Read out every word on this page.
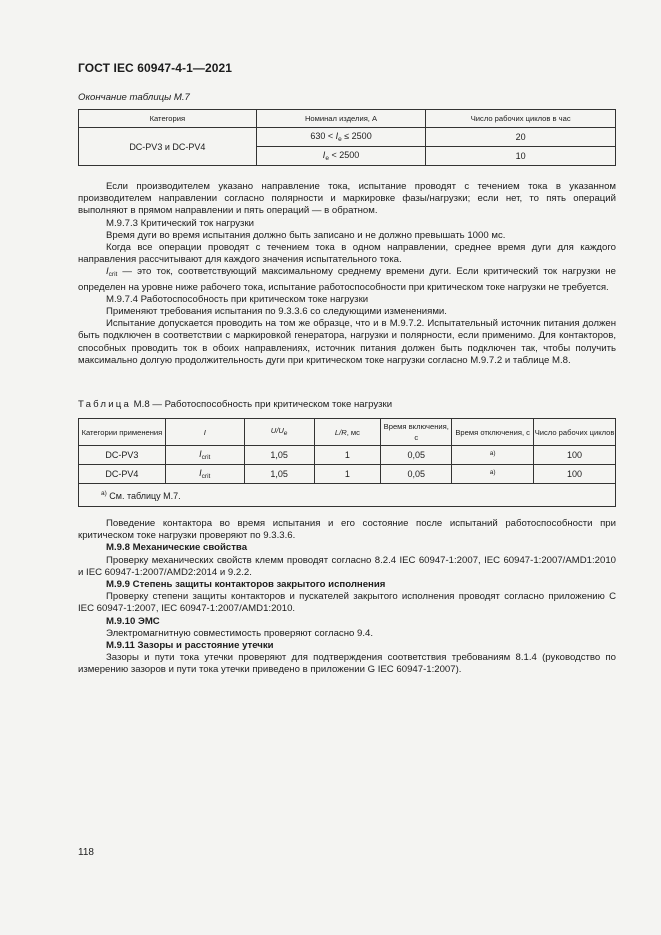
ГОСТ IEC 60947-4-1—2021
Окончание таблицы М.7
Категория	Номинал изделия, А	Число рабочих циклов в час
DC-PV3 и DC-PV4	$630 < I_e \le 2500$	20
	$I_e < 2500$	10

Если производителем указано направление тока, испытание проводят с течением тока в указанном производителем направлении согласно полярности и маркировке фазы/нагрузки; если нет, то пять операций выполняют в прямом направлении и пять операций — в обратном.

М.9.7.3 Критический ток нагрузки

Время дуги во время испытания должно быть записано и не должно превышать 1000 мс.

Когда все операции проводят с течением тока в одном направлении, среднее время дуги для каждого направления рассчитывают для каждого значения испытательного тока.

$I_{crit}$ — это ток, соответствующий максимальному среднему времени дуги. Если критический ток нагрузки не определен на уровне ниже рабочего тока, испытание работоспособности при критическом токе нагрузки не требуется.

М.9.7.4 Работоспособность при критическом токе нагрузки

Применяют требования испытания по 9.3.3.6 со следующими изменениями.

Испытание допускается проводить на том же образце, что и в М.9.7.2. Испытательный источник питания должен быть подключен в соответствии с маркировкой генератора, нагрузки и полярности, если применимо. Для контакторов, способных проводить ток в обоих направлениях, источник питания должен быть подключен так, чтобы получить максимально долгую продолжительность дуги при критическом токе нагрузки согласно М.9.7.2 и таблице М.8.

Таблица М.8 — Работоспособность при критическом токе нагрузки
Категории применения	I	$U/U_e$	L/R, мс	Время включения, с	Время отключения, с	Число рабочих циклов
DC-PV3	$I_{crit}$	1,05	1	0,05	$^{a)}$	100
DC-PV4	$I_{crit}$	1,05	1	0,05	$^{a)}$	100
$^{a)}$ См. таблицу М.7.						

Поведение контактора во время испытания и его состояние после испытаний работоспособности при критическом токе нагрузки проверяют по 9.3.3.6.

М.9.8 Механические свойства

Проверку механических свойств клемм проводят согласно 8.2.4 IEC 60947-1:2007, IEC 60947-1:2007/AMD1:2010 и IEC 60947-1:2007/AMD2:2014 и 9.2.2.

М.9.9 Степень защиты контакторов закрытого исполнения

Проверку степени защиты контакторов и пускателей закрытого исполнения проводят согласно приложению С IEC 60947-1:2007, IEC 60947-1:2007/AMD1:2010.

М.9.10 ЭМС

Электромагнитную совместимость проверяют согласно 9.4.

М.9.11 Зазоры и расстояние утечки

Зазоры и пути тока утечки проверяют для подтверждения соответствия требованиям 8.1.4 (руководство по измерению зазоров и пути тока утечки приведено в приложении G IEC 60947-1:2007).

118
